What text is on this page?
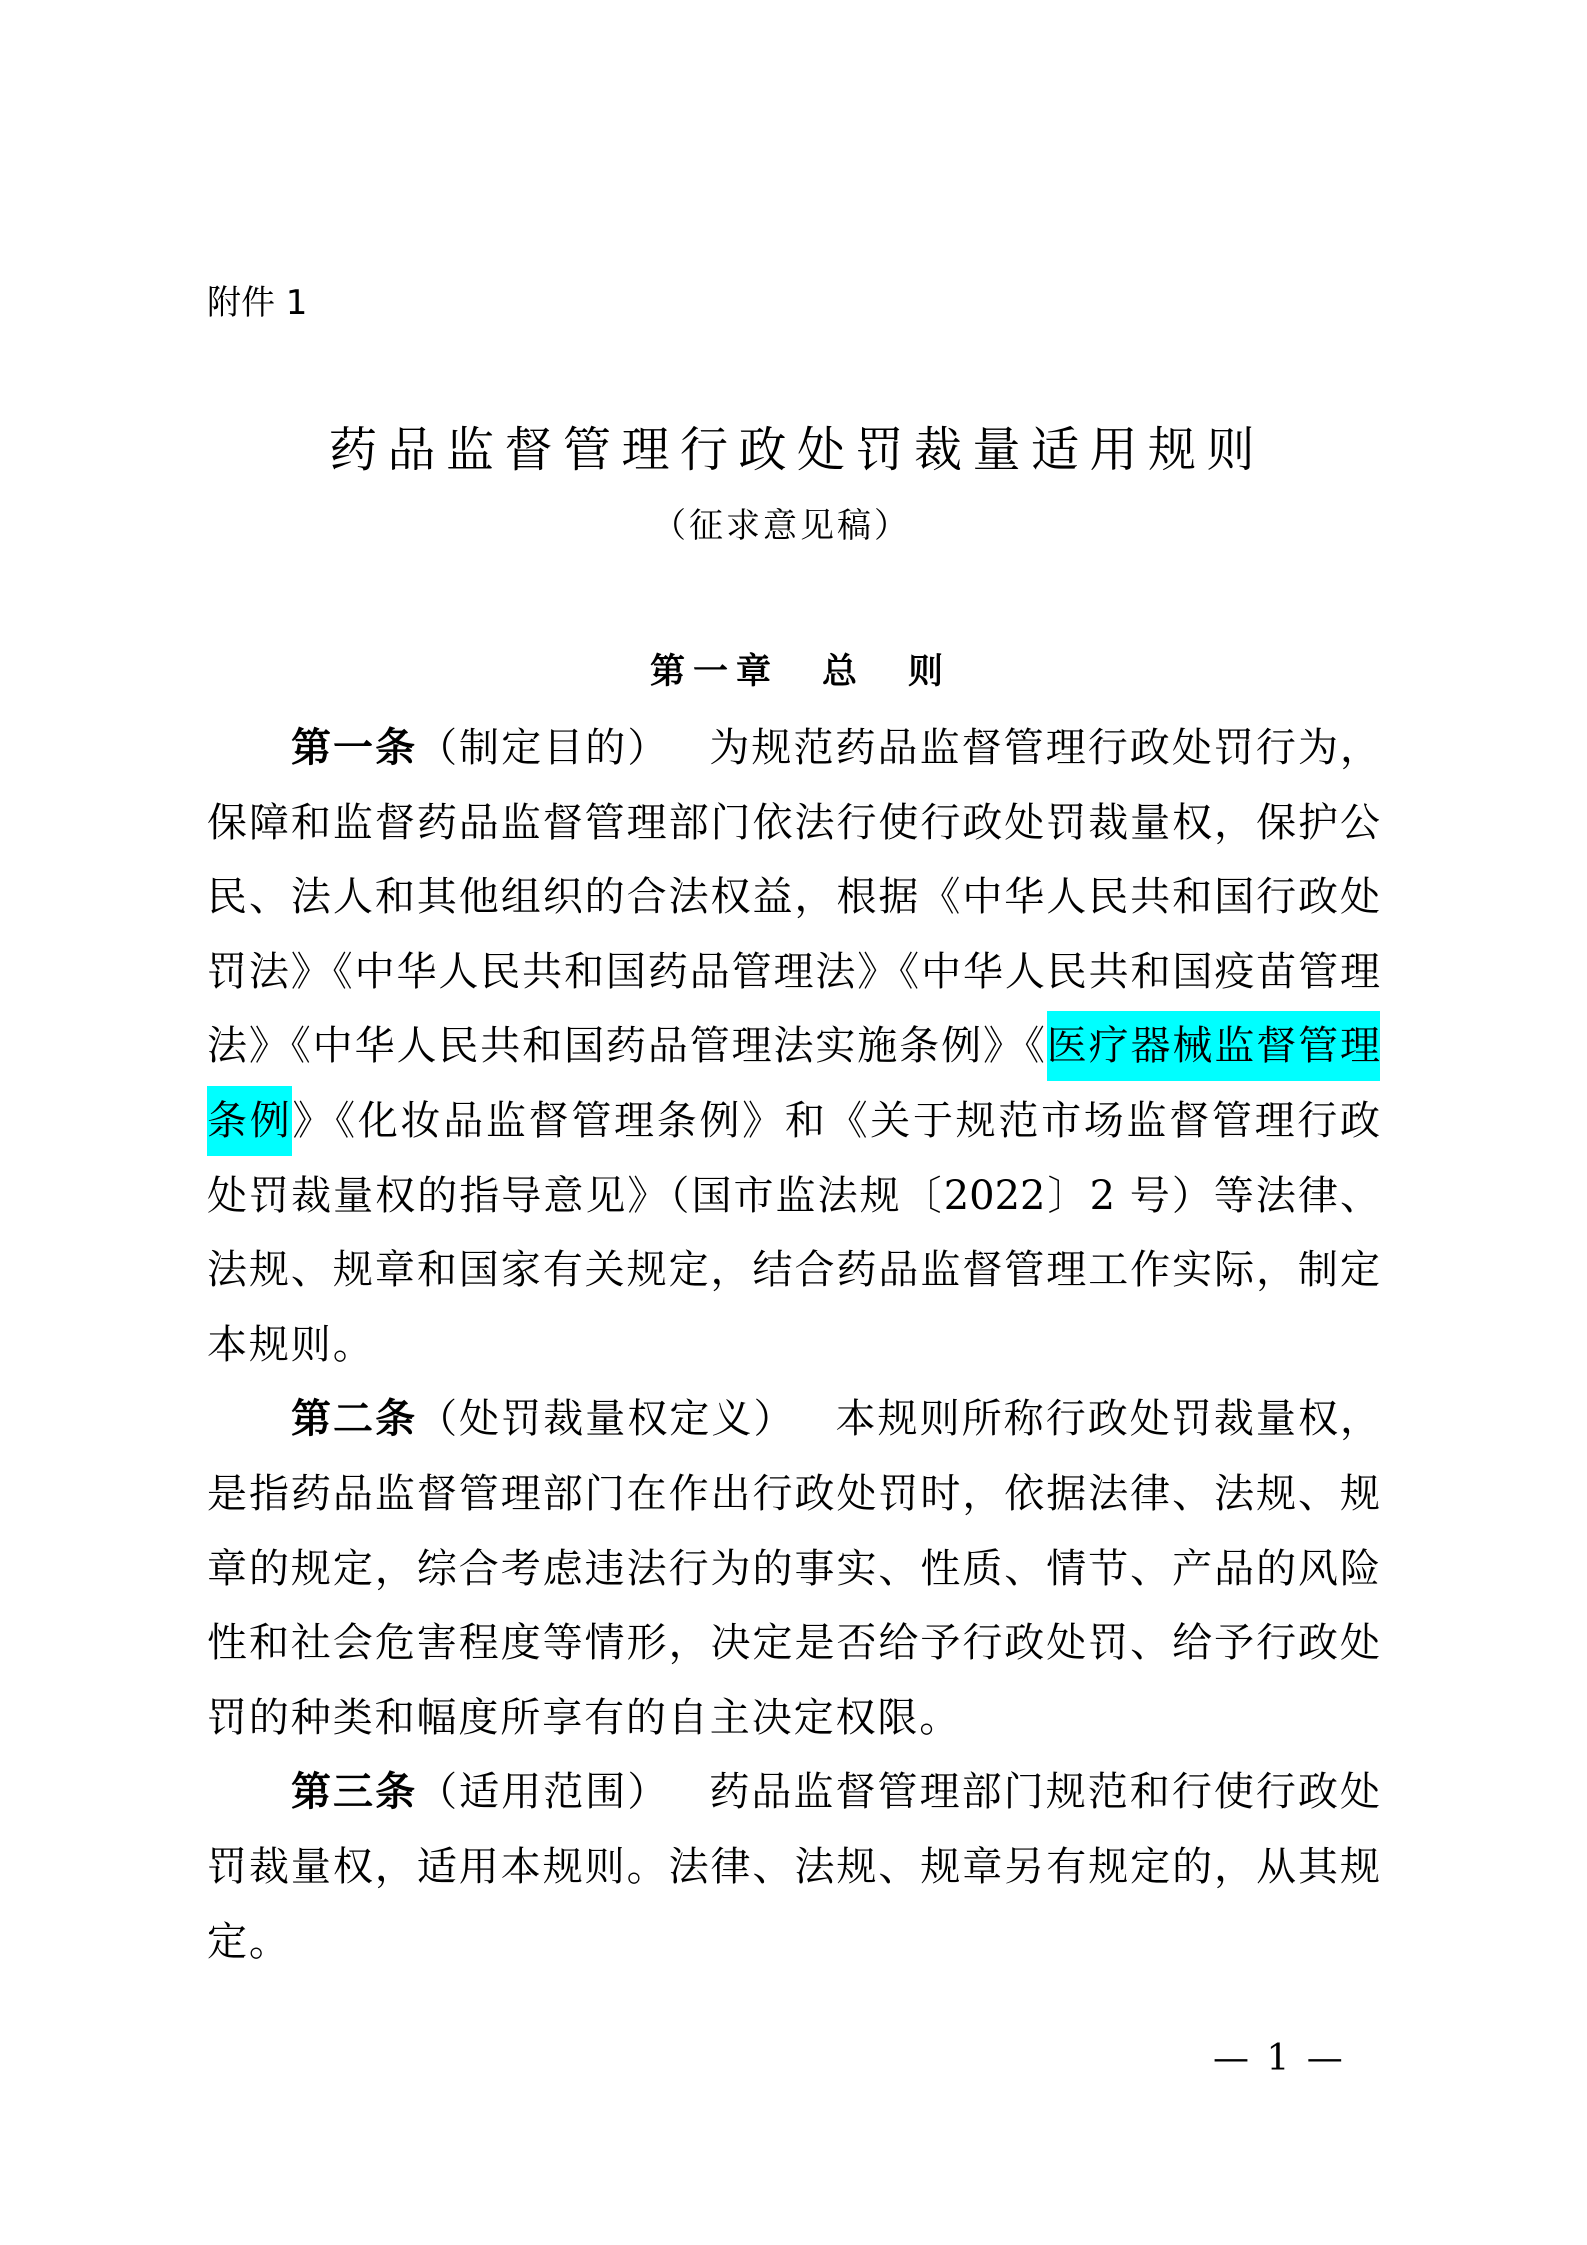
附件 1
药品监督管理行政处罚裁量适用规则
（征求意见稿）
第一章　总　则
第一条（制定目的） 为规范药品监督管理行政处罚行为，
保障和监督药品监督管理部门依法行使行政处罚裁量权，保护公
民、法人和其他组织的合法权益，根据《中华人民共和国行政处
罚法》《中华人民共和国药品管理法》《中华人民共和国疫苗管理
法》《中华人民共和国药品管理法实施条例》《医疗器械监督管理
条例》《化妆品监督管理条例》和《关于规范市场监督管理行政
处罚裁量权的指导意见》（国市监法规〔2022〕2 号）等法律、
法规、规章和国家有关规定，结合药品监督管理工作实际，制定
本规则。
第二条（处罚裁量权定义） 本规则所称行政处罚裁量权，
是指药品监督管理部门在作出行政处罚时，依据法律、法规、规
章的规定，综合考虑违法行为的事实、性质、情节、产品的风险
性和社会危害程度等情形，决定是否给予行政处罚、给予行政处
罚的种类和幅度所享有的自主决定权限。
第三条（适用范围） 药品监督管理部门规范和行使行政处
罚裁量权，适用本规则。法律、法规、规章另有规定的，从其规
定。
— 1 —
